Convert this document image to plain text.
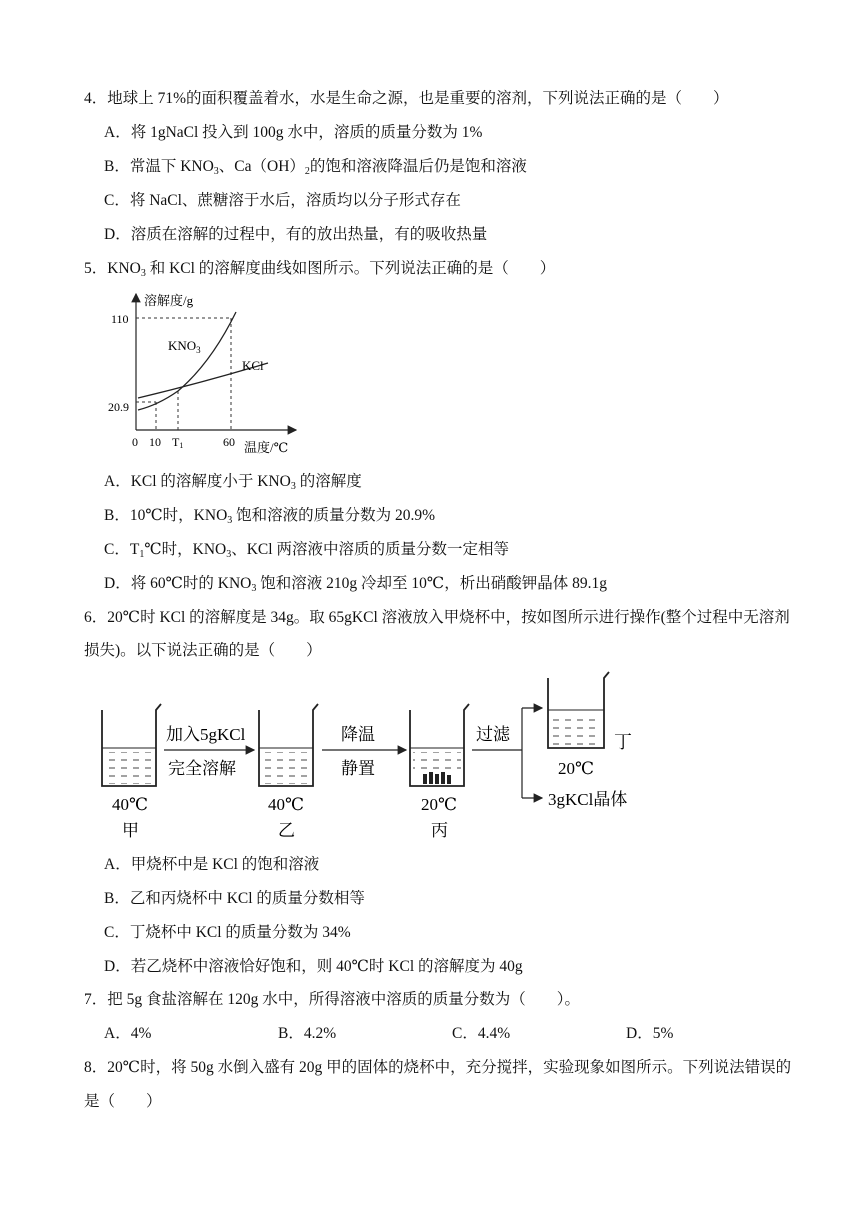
4．地球上 71%的面积覆盖着水，水是生命之源，也是重要的溶剂，下列说法正确的是（　　）
A．将 1gNaCl 投入到 100g 水中，溶质的质量分数为 1%
B．常温下 $KNO_3$、$Ca(OH)_2$的饱和溶液降温后仍是饱和溶液
C．将 NaCl、蔗糖溶于水后，溶质均以分子形式存在
D．溶质在溶解的过程中，有的放出热量，有的吸收热量
5．$KNO_3$ 和 KCl 的溶解度曲线如图所示。下列说法正确的是（　　）
溶解度/g
温度/℃
$KNO_3$
KCl
110
20.9
0 10 T1	60
A．KCl 的溶解度小于 $KNO_3$ 的溶解度
B．10℃时，$KNO_3$ 饱和溶液的质量分数为 20.9%
C．$T_1℃$时，$KNO_3$、KCl 两溶液中溶质的质量分数一定相等
D．将 60℃时的 $KNO_3$ 饱和溶液 210g 冷却至 10℃，析出硝酸钾晶体 89.1g
6．20℃时 KCl 的溶解度是 34g。取 65gKCl 溶液放入甲烧杯中，按如图所示进行操作(整个过程中无溶剂
损失)。以下说法正确的是（　　）
加入5gKCl
完全溶解
降温
静置
过滤
40℃
甲
40℃
乙
20℃
丙
20℃
丁
3gKCl晶体
A．甲烧杯中是 KCl 的饱和溶液
B．乙和丙烧杯中 KCl 的质量分数相等
C．丁烧杯中 KCl 的质量分数为 34%
D．若乙烧杯中溶液恰好饱和，则 40℃时 KCl 的溶解度为 40g
7．把 5g 食盐溶解在 120g 水中，所得溶液中溶质的质量分数为（　　）。
A．4%	B．4.2%	C．4.4%	D．5%
8．20℃时，将 50g 水倒入盛有 20g 甲的固体的烧杯中，充分搅拌，实验现象如图所示。下列说法错误的
是（　　）
